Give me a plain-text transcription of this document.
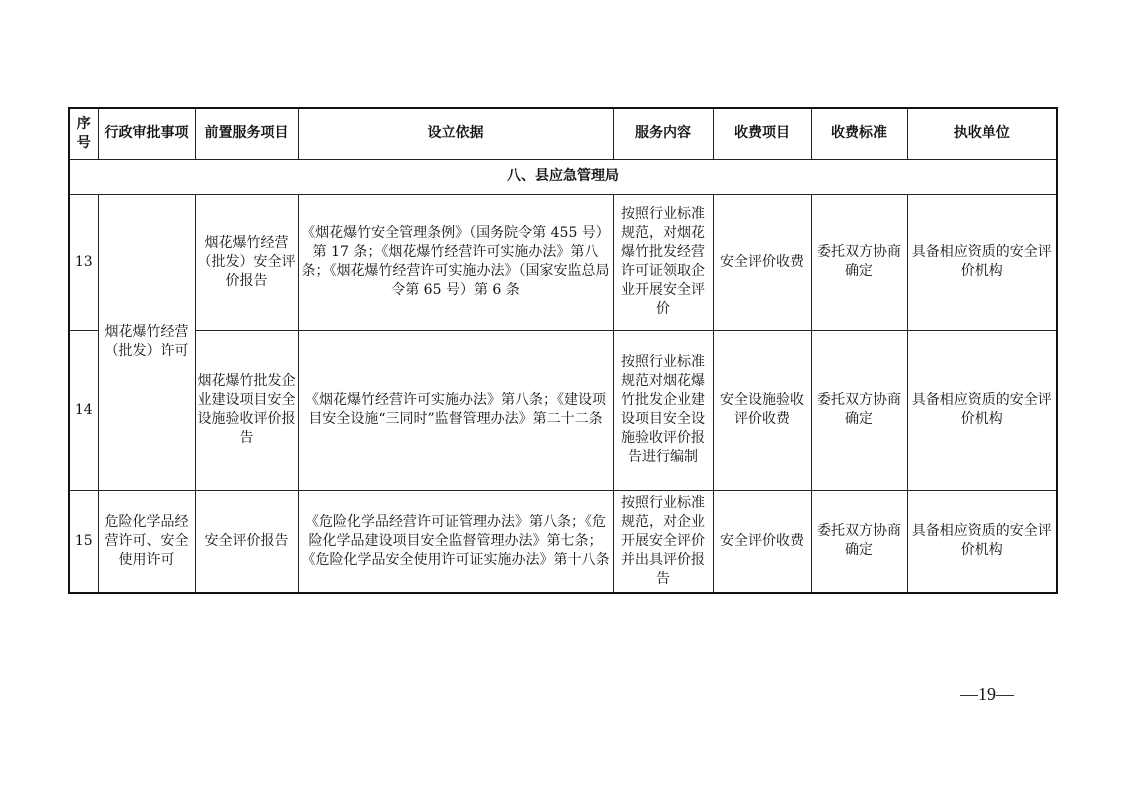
序号	行政审批事项	前置服务项目	设立依据	服务内容	收费项目	收费标准	执收单位
八、县应急管理局							
13	烟花爆竹经营（批发）许可	烟花爆竹经营（批发）安全评价报告	《烟花爆竹安全管理条例》（国务院令第 455 号）第 17 条；《烟花爆竹经营许可实施办法》第八条；《烟花爆竹经营许可实施办法》（国家安监总局令第 65 号）第 6 条	按照行业标准规范，对烟花爆竹批发经营许可证领取企业开展安全评价	安全评价收费	委托双方协商确定	具备相应资质的安全评价机构
14		烟花爆竹批发企业建设项目安全设施验收评价报告	《烟花爆竹经营许可实施办法》第八条；《建设项目安全设施“三同时”监督管理办法》第二十二条	按照行业标准规范对烟花爆竹批发企业建设项目安全设施验收评价报告进行编制	安全设施验收评价收费	委托双方协商确定	具备相应资质的安全评价机构
15	危险化学品经营许可、安全使用许可	安全评价报告	《危险化学品经营许可证管理办法》第八条；《危险化学品建设项目安全监督管理办法》第七条；《危险化学品安全使用许可证实施办法》第十八条	按照行业标准规范，对企业开展安全评价并出具评价报告	安全评价收费	委托双方协商确定	具备相应资质的安全评价机构
—19—
